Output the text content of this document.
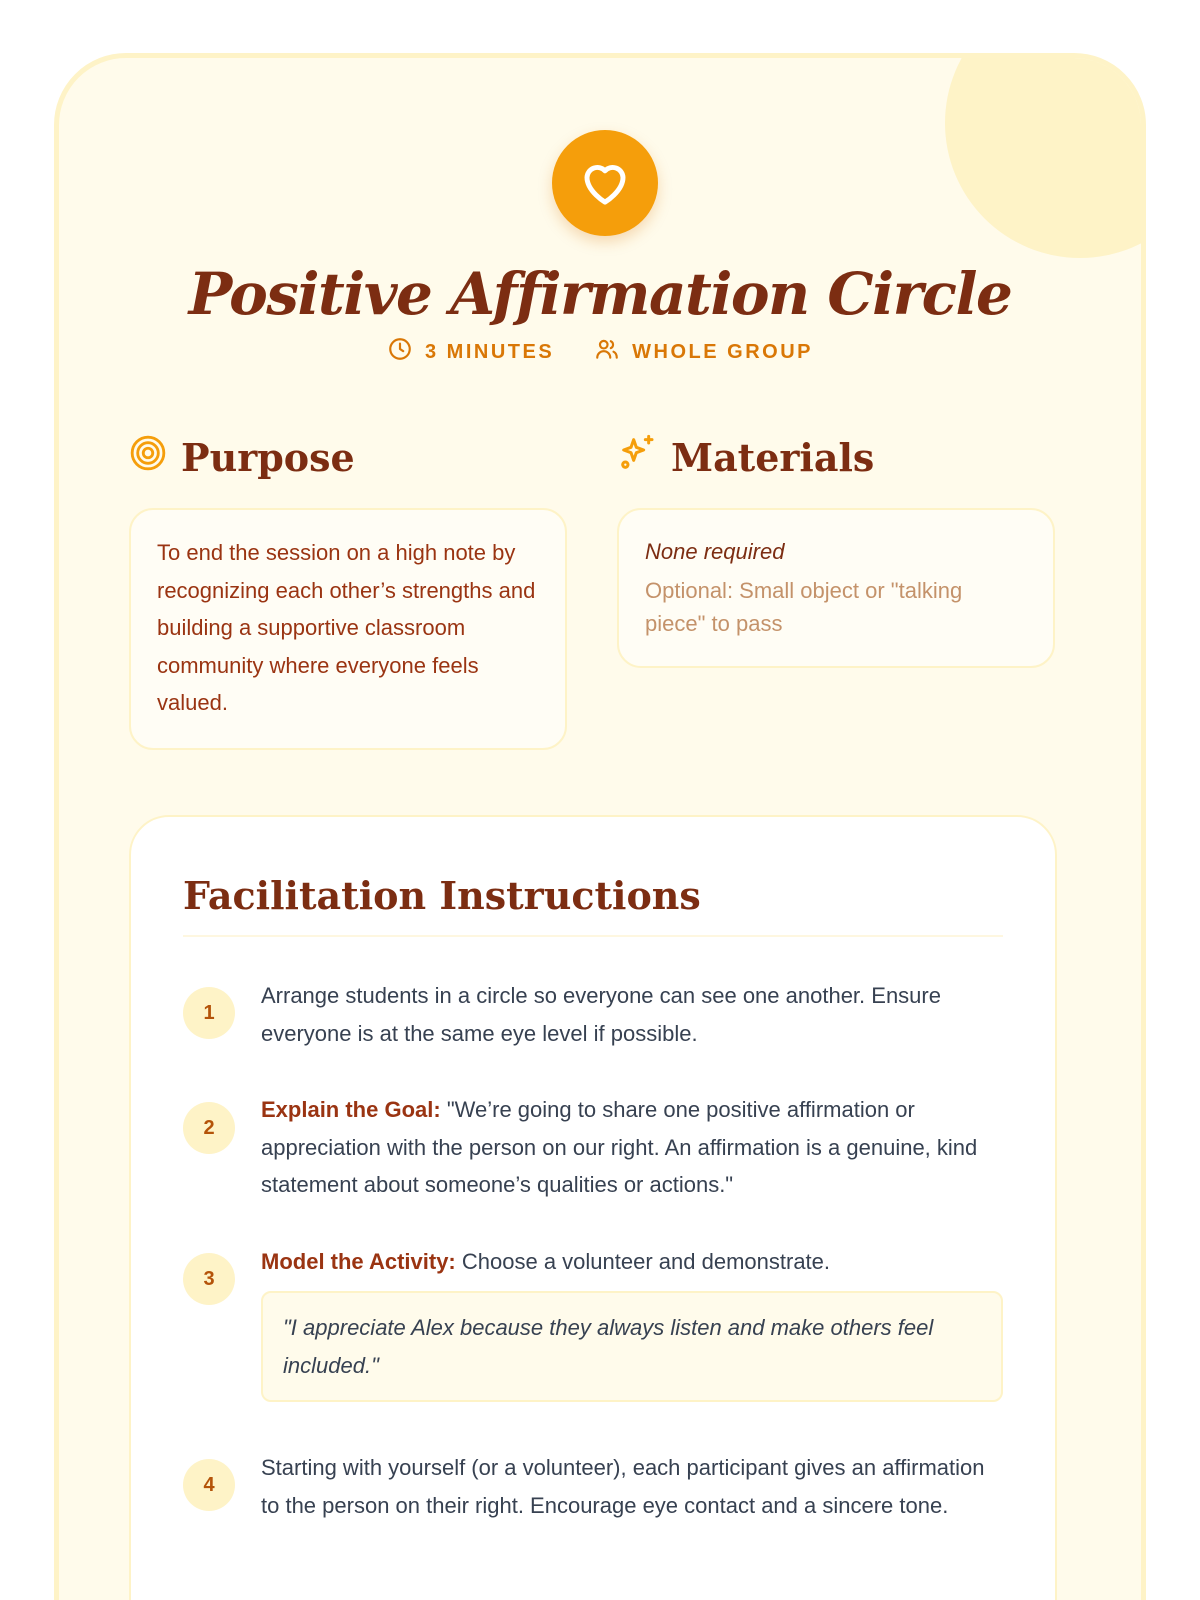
Positive Affirmation Circle
3 MINUTES	WHOLE GROUP
Purpose

To end the session on a high note by recognizing each other’s strengths and building a supportive classroom community where everyone feels valued.

Materials

None required

Optional: Small object or "talking piece" to pass

Facilitation Instructions
1

Arrange students in a circle so everyone can see one another. Ensure everyone is at the same eye level if possible.

2

Explain the Goal: "We’re going to share one positive affirmation or appreciation with the person on our right. An affirmation is a genuine, kind statement about someone’s qualities or actions."

3

Model the Activity: Choose a volunteer and demonstrate.

"I appreciate Alex because they always listen and make others feel included."
4

Starting with yourself (or a volunteer), each participant gives an affirmation to the person on their right. Encourage eye contact and a sincere tone.
